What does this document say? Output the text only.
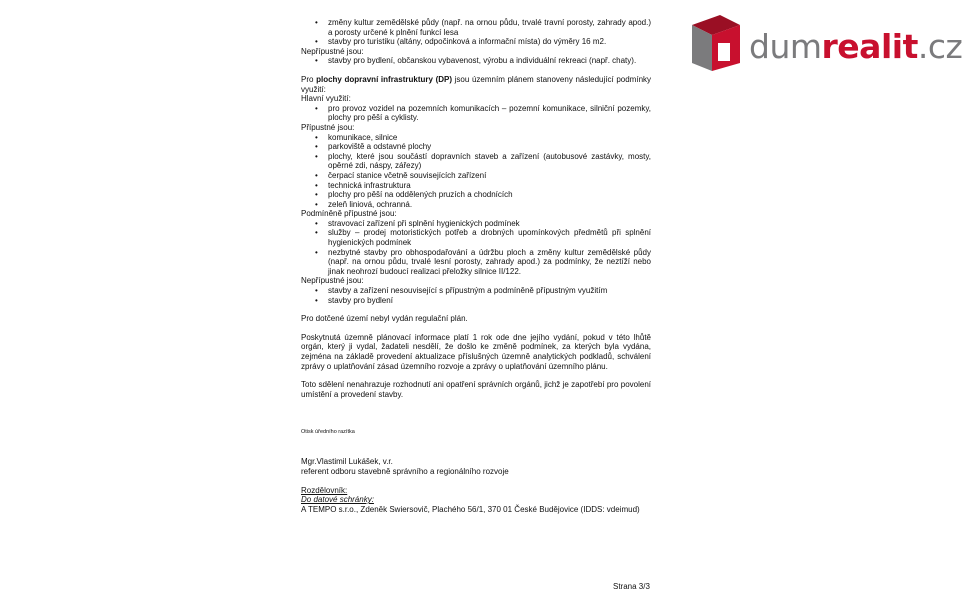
dumrealit.cz
• změny kultur zemědělské půdy (např. na ornou půdu, trvalé travní porosty, zahrady apod.) a porosty určené k plnění funkcí lesa
• stavby pro turistiku (altány, odpočinková a informační místa) do výměry 16 m2.

Nepřípustné jsou:

• stavby pro bydlení, občanskou vybavenost, výrobu a individuální rekreaci (např. chaty).

Pro plochy dopravní infrastruktury (DP) jsou územním plánem stanoveny následující podmínky využití:

Hlavní využití:

• pro provoz vozidel na pozemních komunikacích – pozemní komunikace, silniční pozemky, plochy pro pěší a cyklisty.

Přípustné jsou:

• komunikace, silnice
• parkoviště a odstavné plochy
• plochy, které jsou součástí dopravních staveb a zařízení (autobusové zastávky, mosty, opěrné zdi, náspy, zářezy)
• čerpací stanice včetně souvisejících zařízení
• technická infrastruktura
• plochy pro pěší na oddělených pruzích a chodnících
• zeleň liniová, ochranná.

Podmíněně přípustné jsou:

• stravovací zařízení při splnění hygienických podmínek
• služby – prodej motoristických potřeb a drobných upomínkových předmětů při splnění hygienických podmínek
• nezbytné stavby pro obhospodařování a údržbu ploch a změny kultur zemědělské půdy (např. na ornou půdu, trvalé lesní porosty, zahrady apod.) za podmínky, že neztíží nebo jinak neohrozí budoucí realizaci přeložky silnice II/122.

Nepřípustné jsou:

• stavby a zařízení nesouvisející s přípustným a podmíněně přípustným využitím
• stavby pro bydlení

Pro dotčené území nebyl vydán regulační plán.

Poskytnutá územně plánovací informace platí 1 rok ode dne jejího vydání, pokud v této lhůtě orgán, který ji vydal, žadateli nesdělí, že došlo ke změně podmínek, za kterých byla vydána, zejména na základě provedení aktualizace příslušných územně analytických podkladů, schválení zprávy o uplatňování zásad územního rozvoje a zprávy o uplatňování územního plánu.

Toto sdělení nenahrazuje rozhodnutí ani opatření správních orgánů, jichž je zapotřebí pro povolení umístění a provedení stavby.

Otisk úředního razítka

Mgr.Vlastimil Lukášek, v.r.

referent odboru stavebně správního a regionálního rozvoje

Rozdělovník:

Do datové schránky:

A TEMPO s.r.o., Zdeněk Swiersovič, Plachého 56/1, 370 01 České Budějovice (IDDS: vdeimud)

Strana 3/3
